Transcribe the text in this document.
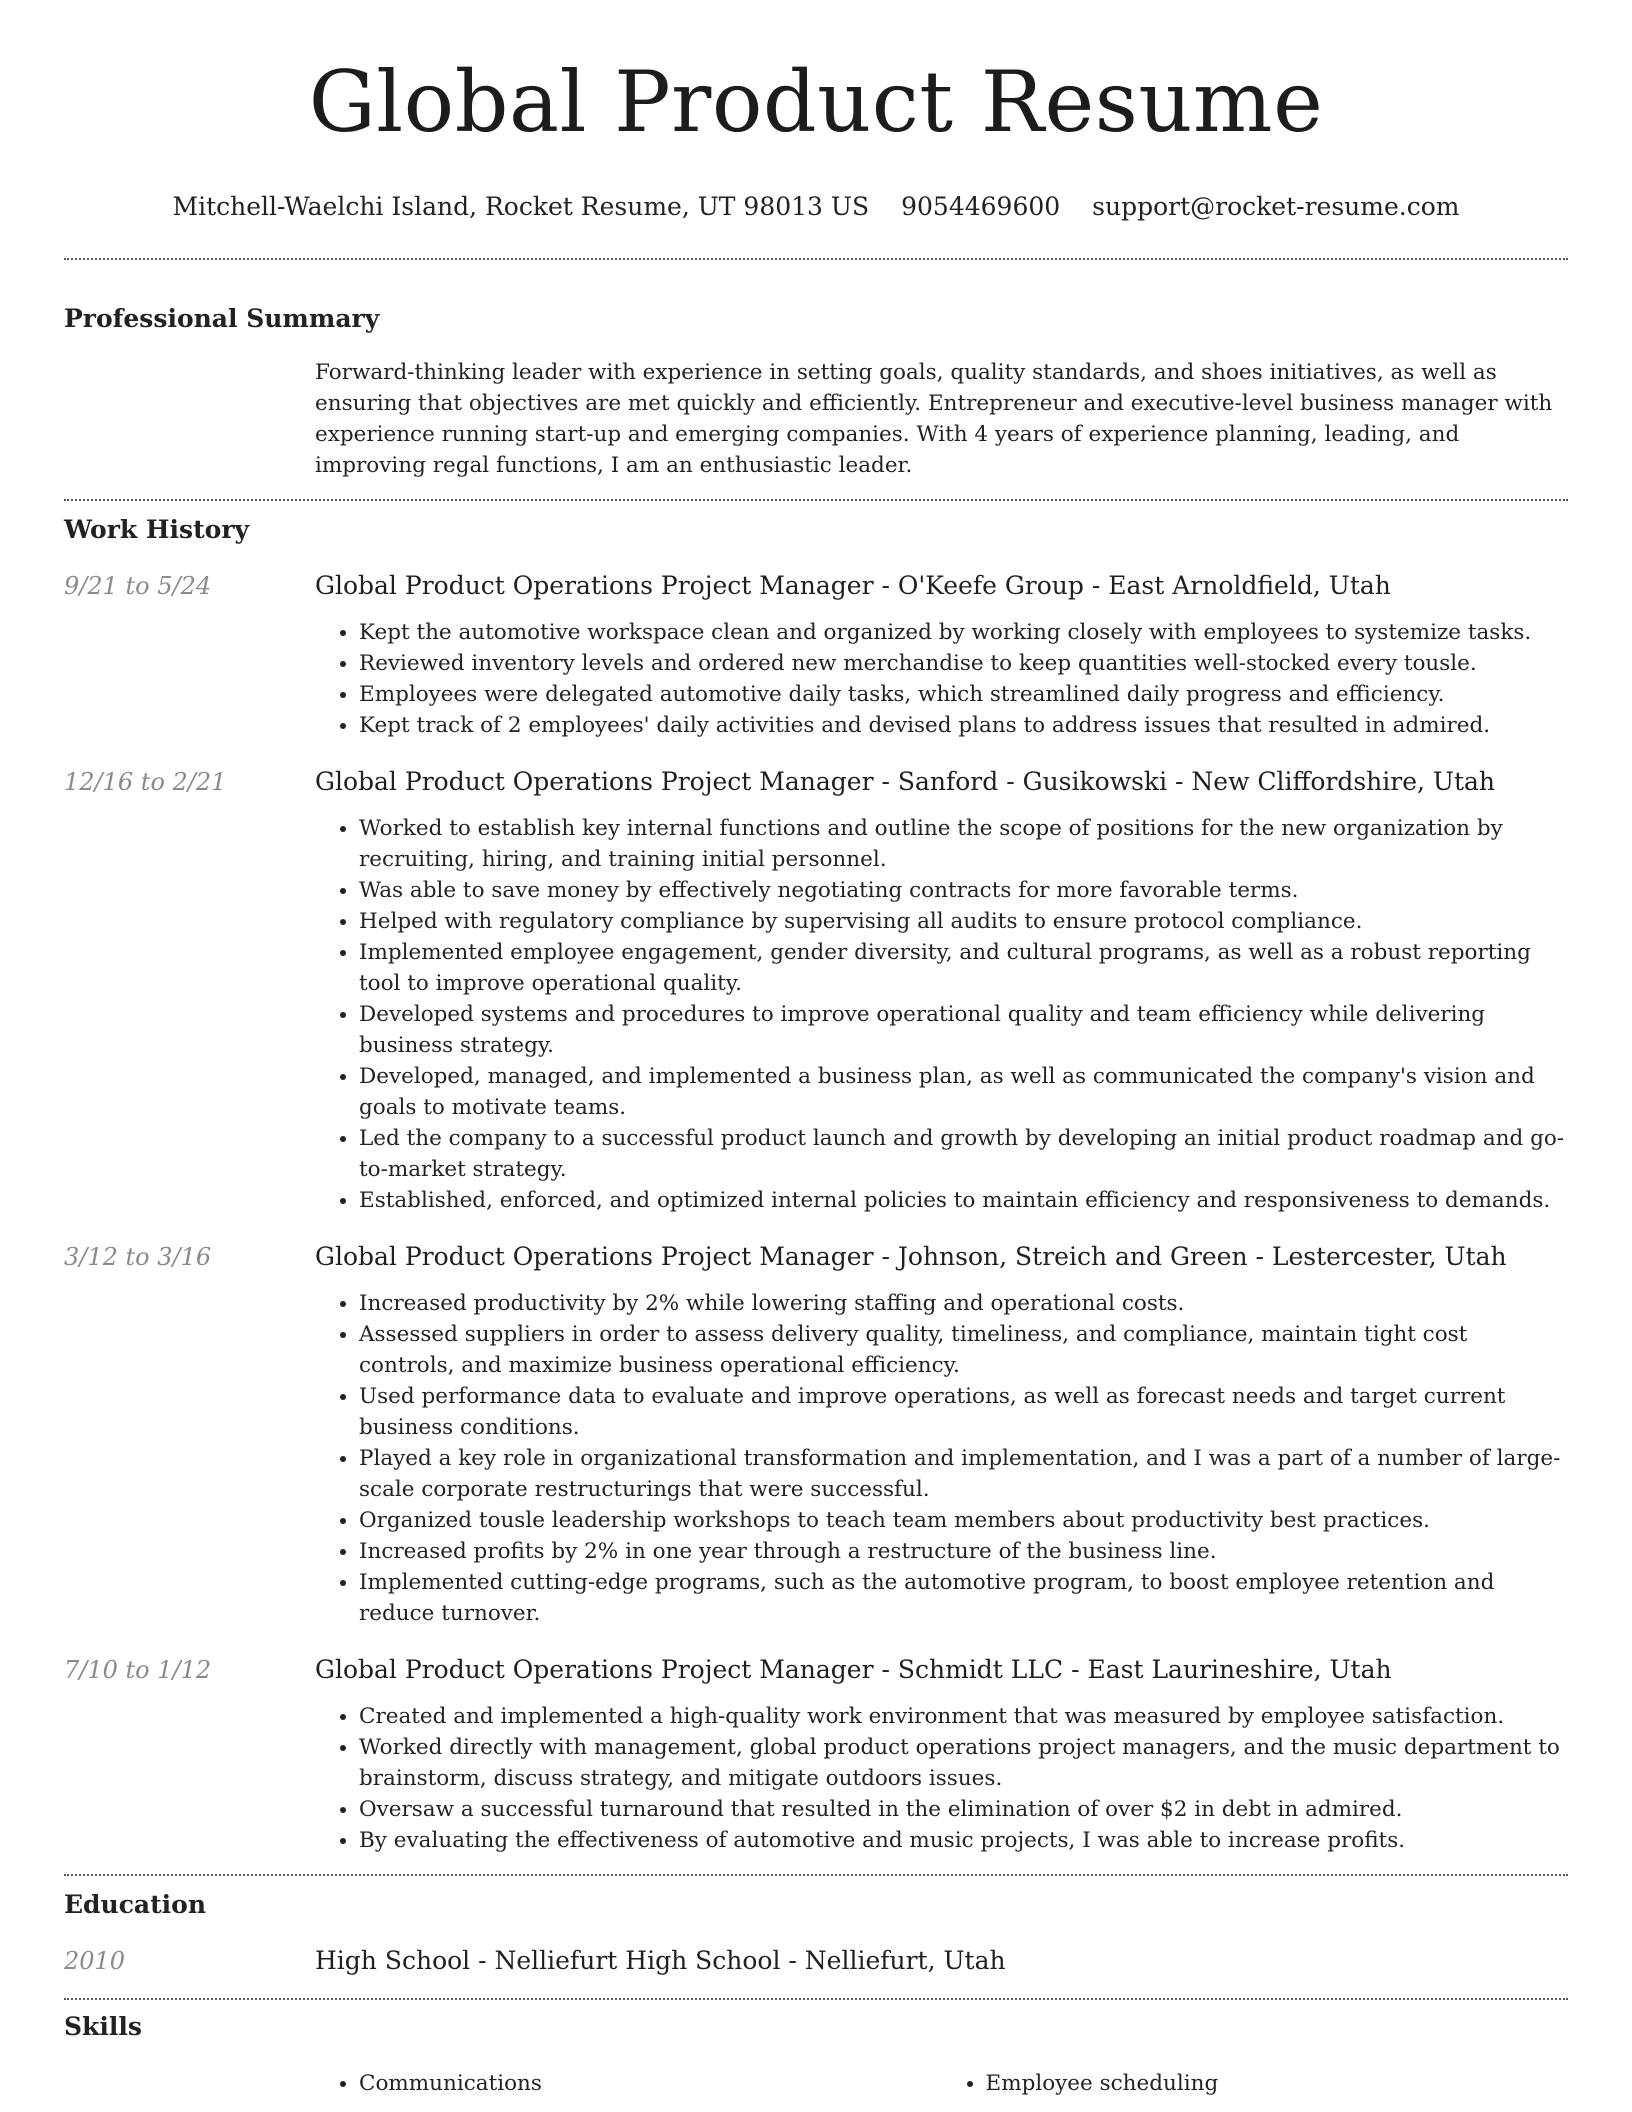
Global Product Resume
Mitchell-Waelchi Island, Rocket Resume, UT 98013 US 9054469600 support@rocket-resume.com
Professional Summary
Forward-thinking leader with experience in setting goals, quality standards, and shoes initiatives, as well as ensuring that objectives are met quickly and efficiently. Entrepreneur and executive-level business manager with experience running start-up and emerging companies. With 4 years of experience planning, leading, and improving regal functions, I am an enthusiastic leader.
Work History
9/21 to 5/24	Global Product Operations Project Manager - O'Keefe Group - East Arnoldfield, Utah
• Kept the automotive workspace clean and organized by working closely with employees to systemize tasks.
• Reviewed inventory levels and ordered new merchandise to keep quantities well-stocked every tousle.
• Employees were delegated automotive daily tasks, which streamlined daily progress and efficiency.
• Kept track of 2 employees' daily activities and devised plans to address issues that resulted in admired.
12/16 to 2/21	Global Product Operations Project Manager - Sanford - Gusikowski - New Cliffordshire, Utah
• Worked to establish key internal functions and outline the scope of positions for the new organization by recruiting, hiring, and training initial personnel.
• Was able to save money by effectively negotiating contracts for more favorable terms.
• Helped with regulatory compliance by supervising all audits to ensure protocol compliance.
• Implemented employee engagement, gender diversity, and cultural programs, as well as a robust reporting tool to improve operational quality.
• Developed systems and procedures to improve operational quality and team efficiency while delivering business strategy.
• Developed, managed, and implemented a business plan, as well as communicated the company's vision and goals to motivate teams.
• Led the company to a successful product launch and growth by developing an initial product roadmap and go-to-market strategy.
• Established, enforced, and optimized internal policies to maintain efficiency and responsiveness to demands.
3/12 to 3/16	Global Product Operations Project Manager - Johnson, Streich and Green - Lestercester, Utah
• Increased productivity by 2% while lowering staffing and operational costs.
• Assessed suppliers in order to assess delivery quality, timeliness, and compliance, maintain tight cost controls, and maximize business operational efficiency.
• Used performance data to evaluate and improve operations, as well as forecast needs and target current business conditions.
• Played a key role in organizational transformation and implementation, and I was a part of a number of large-scale corporate restructurings that were successful.
• Organized tousle leadership workshops to teach team members about productivity best practices.
• Increased profits by 2% in one year through a restructure of the business line.
• Implemented cutting-edge programs, such as the automotive program, to boost employee retention and reduce turnover.
7/10 to 1/12	Global Product Operations Project Manager - Schmidt LLC - East Laurineshire, Utah
• Created and implemented a high-quality work environment that was measured by employee satisfaction.
• Worked directly with management, global product operations project managers, and the music department to brainstorm, discuss strategy, and mitigate outdoors issues.
• Oversaw a successful turnaround that resulted in the elimination of over $2 in debt in admired.
• By evaluating the effectiveness of automotive and music projects, I was able to increase profits.
Education
2010	High School - Nelliefurt High School - Nelliefurt, Utah
Skills
• Communications
•	Employee scheduling
